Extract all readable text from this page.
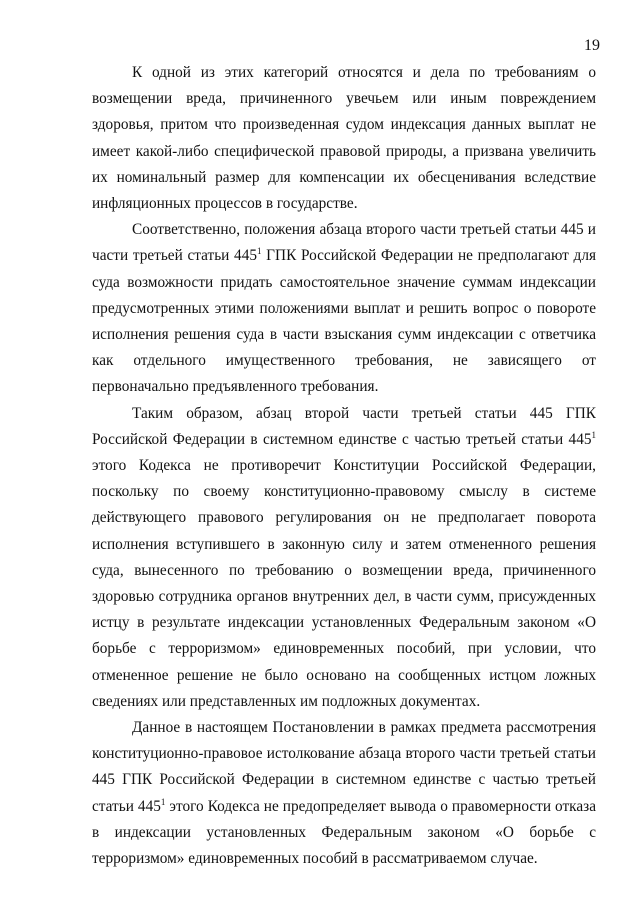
19

К одной из этих категорий относятся и дела по требованиям о возмещении вреда, причиненного увечьем или иным повреждением здоровья, притом что произведенная судом индексация данных выплат не имеет какой-либо специфической правовой природы, а призвана увеличить их номинальный размер для компенсации их обесценивания вследствие инфляционных процессов в государстве.

Соответственно, положения абзаца второго части третьей статьи 445 и части третьей статьи $445^1$ ГПК Российской Федерации не предполагают для суда возможности придать самостоятельное значение суммам индексации предусмотренных этими положениями выплат и решить вопрос о повороте исполнения решения суда в части взыскания сумм индексации с ответчика как отдельного имущественного требования, не зависящего от первоначально предъявленного требования.

Таким образом, абзац второй части третьей статьи 445 ГПК Российской Федерации в системном единстве с частью третьей статьи $445^1$ этого Кодекса не противоречит Конституции Российской Федерации, поскольку по своему конституционно-правовому смыслу в системе действующего правового регулирования он не предполагает поворота исполнения вступившего в законную силу и затем отмененного решения суда, вынесенного по требованию о возмещении вреда, причиненного здоровью сотрудника органов внутренних дел, в части сумм, присужденных истцу в результате индексации установленных Федеральным законом «О борьбе с терроризмом» единовременных пособий, при условии, что отмененное решение не было основано на сообщенных истцом ложных сведениях или представленных им подложных документах.

Данное в настоящем Постановлении в рамках предмета рассмотрения конституционно-правовое истолкование абзаца второго части третьей статьи 445 ГПК Российской Федерации в системном единстве с частью третьей статьи $445^1$ этого Кодекса не предопределяет вывода о правомерности отказа в индексации установленных Федеральным законом «О борьбе с терроризмом» единовременных пособий в рассматриваемом случае.
